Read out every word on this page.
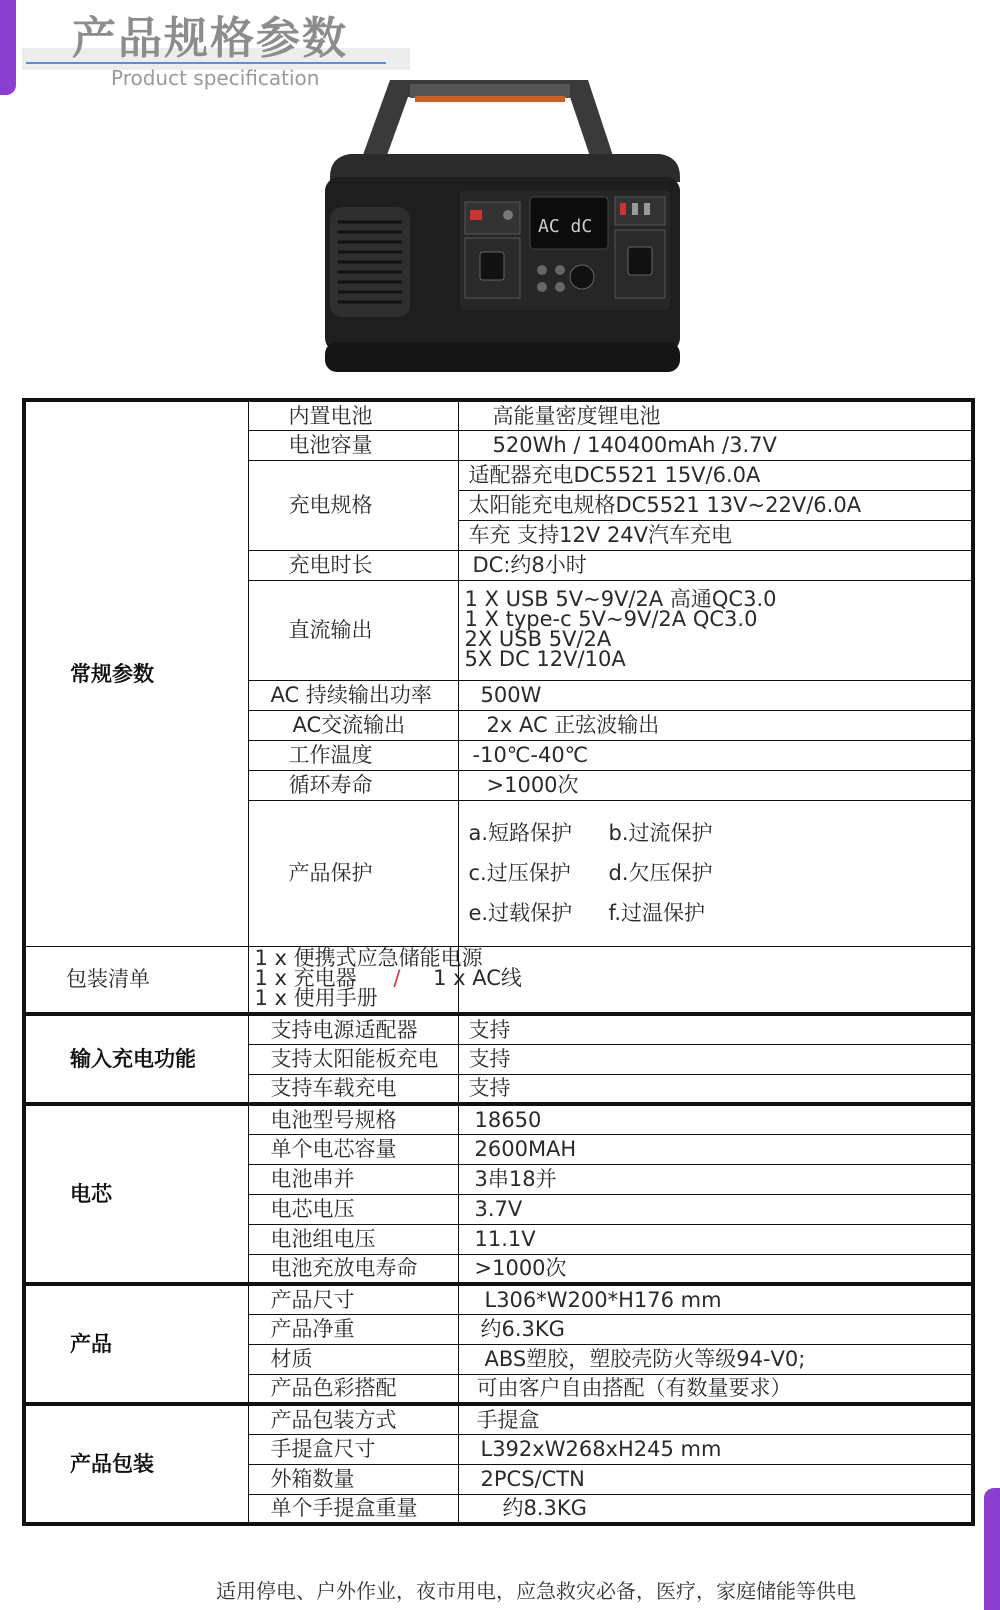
产品规格参数
Product specification
AC dC
常规参数	内置电池	高能量密度锂电池
	电池容量	520Wh / 140400mAh /3.7V
	充电规格	适配器充电DC5521 15V/6.0A
		太阳能充电规格DC5521 13V~22V/6.0A
		车充 支持12V 24V汽车充电
	充电时长	DC:约8小时
	直流输出	1 X USB 5V~9V/2A 高通QC3.0
1 X type-c 5V~9V/2A QC3.0
2X USB 5V/2A
5X DC 12V/10A

	AC 持续输出功率	500W
	AC交流输出	2x AC 正弦波输出
	工作温度	-10℃-40℃
	循环寿命	>1000次
	产品保护	a.短路保护 b.过流保护
c.过压保护 d.欠压保护
e.过载保护 f.过温保护

包装清单	1 x 便携式应急储能电源
1 x 充电器 / 1 x AC线
1 x 使用手册	

输入充电功能	支持电源适配器	支持
	支持太阳能板充电	支持
	支持车载充电	支持
电芯	电池型号规格	18650
	单个电芯容量	2600MAH
	电池串并	3串18并
	电芯电压	3.7V
	电池组电压	11.1V
	电池充放电寿命	>1000次
产品	产品尺寸	L306*W200*H176 mm
	产品净重	约6.3KG
	材质	ABS塑胶，塑胶壳防火等级94-V0;
	产品色彩搭配	可由客户自由搭配（有数量要求）
产品包装	产品包装方式	手提盒
	手提盒尺寸	L392xW268xH245 mm
	外箱数量	2PCS/CTN
	单个手提盒重量	约8.3KG
适用停电、户外作业，夜市用电，应急救灾必备，医疗，家庭储能等供电
